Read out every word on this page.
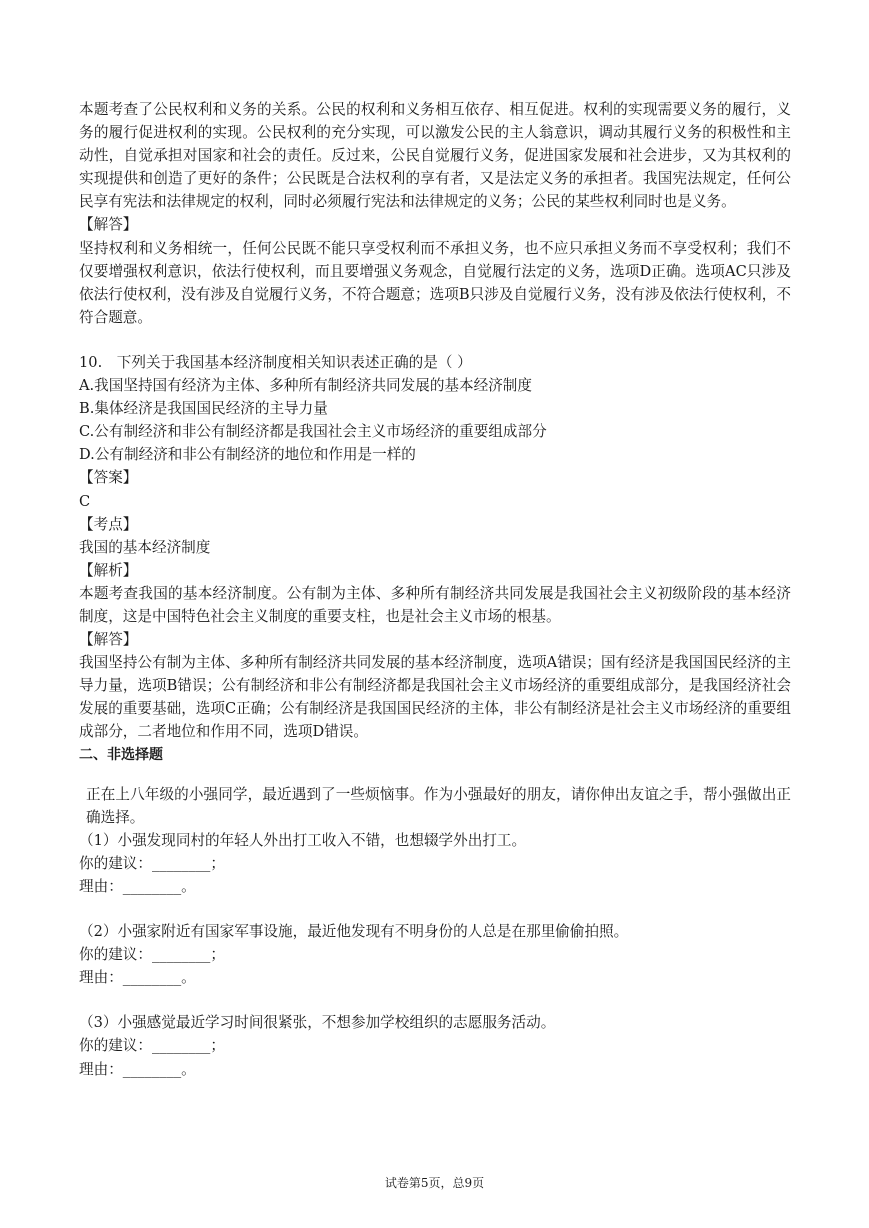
本题考查了公民权利和义务的关系。公民的权利和义务相互依存、相互促进。权利的实现需要义务的履行，义务的履行促进权利的实现。公民权利的充分实现，可以激发公民的主人翁意识，调动其履行义务的积极性和主动性，自觉承担对国家和社会的责任。反过来，公民自觉履行义务，促进国家发展和社会进步，又为其权利的实现提供和创造了更好的条件；公民既是合法权利的享有者，又是法定义务的承担者。我国宪法规定，任何公民享有宪法和法律规定的权利，同时必须履行宪法和法律规定的义务；公民的某些权利同时也是义务。

【解答】

坚持权利和义务相统一，任何公民既不能只享受权利而不承担义务，也不应只承担义务而不享受权利；我们不仅要增强权利意识，依法行使权利，而且要增强义务观念，自觉履行法定的义务，选项D正确。选项AC只涉及依法行使权利，没有涉及自觉履行义务，不符合题意；选项B只涉及自觉履行义务，没有涉及依法行使权利，不符合题意。

10.　下列关于我国基本经济制度相关知识表述正确的是（ ）

A.我国坚持国有经济为主体、多种所有制经济共同发展的基本经济制度

B.集体经济是我国国民经济的主导力量

C.公有制经济和非公有制经济都是我国社会主义市场经济的重要组成部分

D.公有制经济和非公有制经济的地位和作用是一样的

【答案】

C

【考点】

我国的基本经济制度

【解析】

本题考查我国的基本经济制度。公有制为主体、多种所有制经济共同发展是我国社会主义初级阶段的基本经济制度，这是中国特色社会主义制度的重要支柱，也是社会主义市场的根基。

【解答】

我国坚持公有制为主体、多种所有制经济共同发展的基本经济制度，选项A错误；国有经济是我国国民经济的主导力量，选项B错误；公有制经济和非公有制经济都是我国社会主义市场经济的重要组成部分，是我国经济社会发展的重要基础，选项C正确；公有制经济是我国国民经济的主体，非公有制经济是社会主义市场经济的重要组成部分，二者地位和作用不同，选项D错误。

二、非选择题

正在上八年级的小强同学，最近遇到了一些烦恼事。作为小强最好的朋友，请你伸出友谊之手，帮小强做出正确选择。

（1）小强发现同村的年轻人外出打工收入不错，也想辍学外出打工。

你的建议：________；

理由：________。

（2）小强家附近有国家军事设施，最近他发现有不明身份的人总是在那里偷偷拍照。

你的建议：________；

理由：________。

（3）小强感觉最近学习时间很紧张，不想参加学校组织的志愿服务活动。

你的建议：________；

理由：________。

试卷第5页，总9页
